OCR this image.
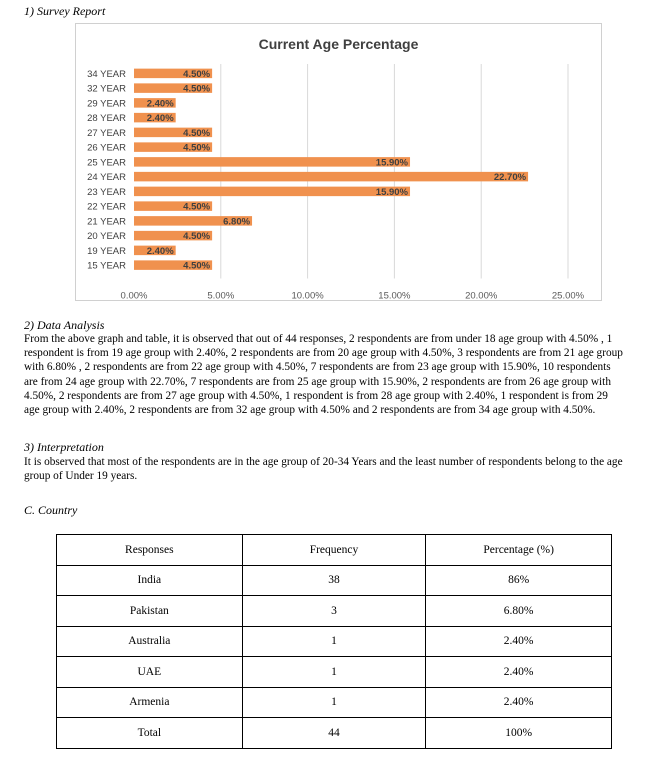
1) Survey Report
Current Age Percentage
0.00%	5.00%	10.00%	15.00%	20.00%	25.00%
34 YEAR	4.50%
32 YEAR	4.50%
29 YEAR 2.40%
28 YEAR 2.40%
27 YEAR	4.50%
26 YEAR	4.50%
25 YEAR	15.90%
24 YEAR	22.70%
23 YEAR	15.90%
22 YEAR	4.50%
21 YEAR	6.80%
20 YEAR	4.50%
19 YEAR 2.40%
15 YEAR	4.50%
2) Data Analysis
From the above graph and table, it is observed that out of 44 responses, 2 respondents are from under 18 age group with 4.50% , 1
respondent is from 19 age group with 2.40%, 2 respondents are from 20 age group with 4.50%, 3 respondents are from 21 age group
with 6.80% , 2 respondents are from 22 age group with 4.50%, 7 respondents are from 23 age group with 15.90%, 10 respondents
are from 24 age group with 22.70%, 7 respondents are from 25 age group with 15.90%, 2 respondents are from 26 age group with
4.50%, 2 respondents are from 27 age group with 4.50%, 1 respondent is from 28 age group with 2.40%, 1 respondent is from 29
age group with 2.40%, 2 respondents are from 32 age group with 4.50% and 2 respondents are from 34 age group with 4.50%.
3) Interpretation
It is observed that most of the respondents are in the age group of 20-34 Years and the least number of respondents belong to the age
group of Under 19 years.
C. Country
Responses	Frequency	Percentage (%)
India	38	86%
Pakistan	3	6.80%
Australia	1	2.40%
UAE	1	2.40%
Armenia	1	2.40%
Total	44	100%
